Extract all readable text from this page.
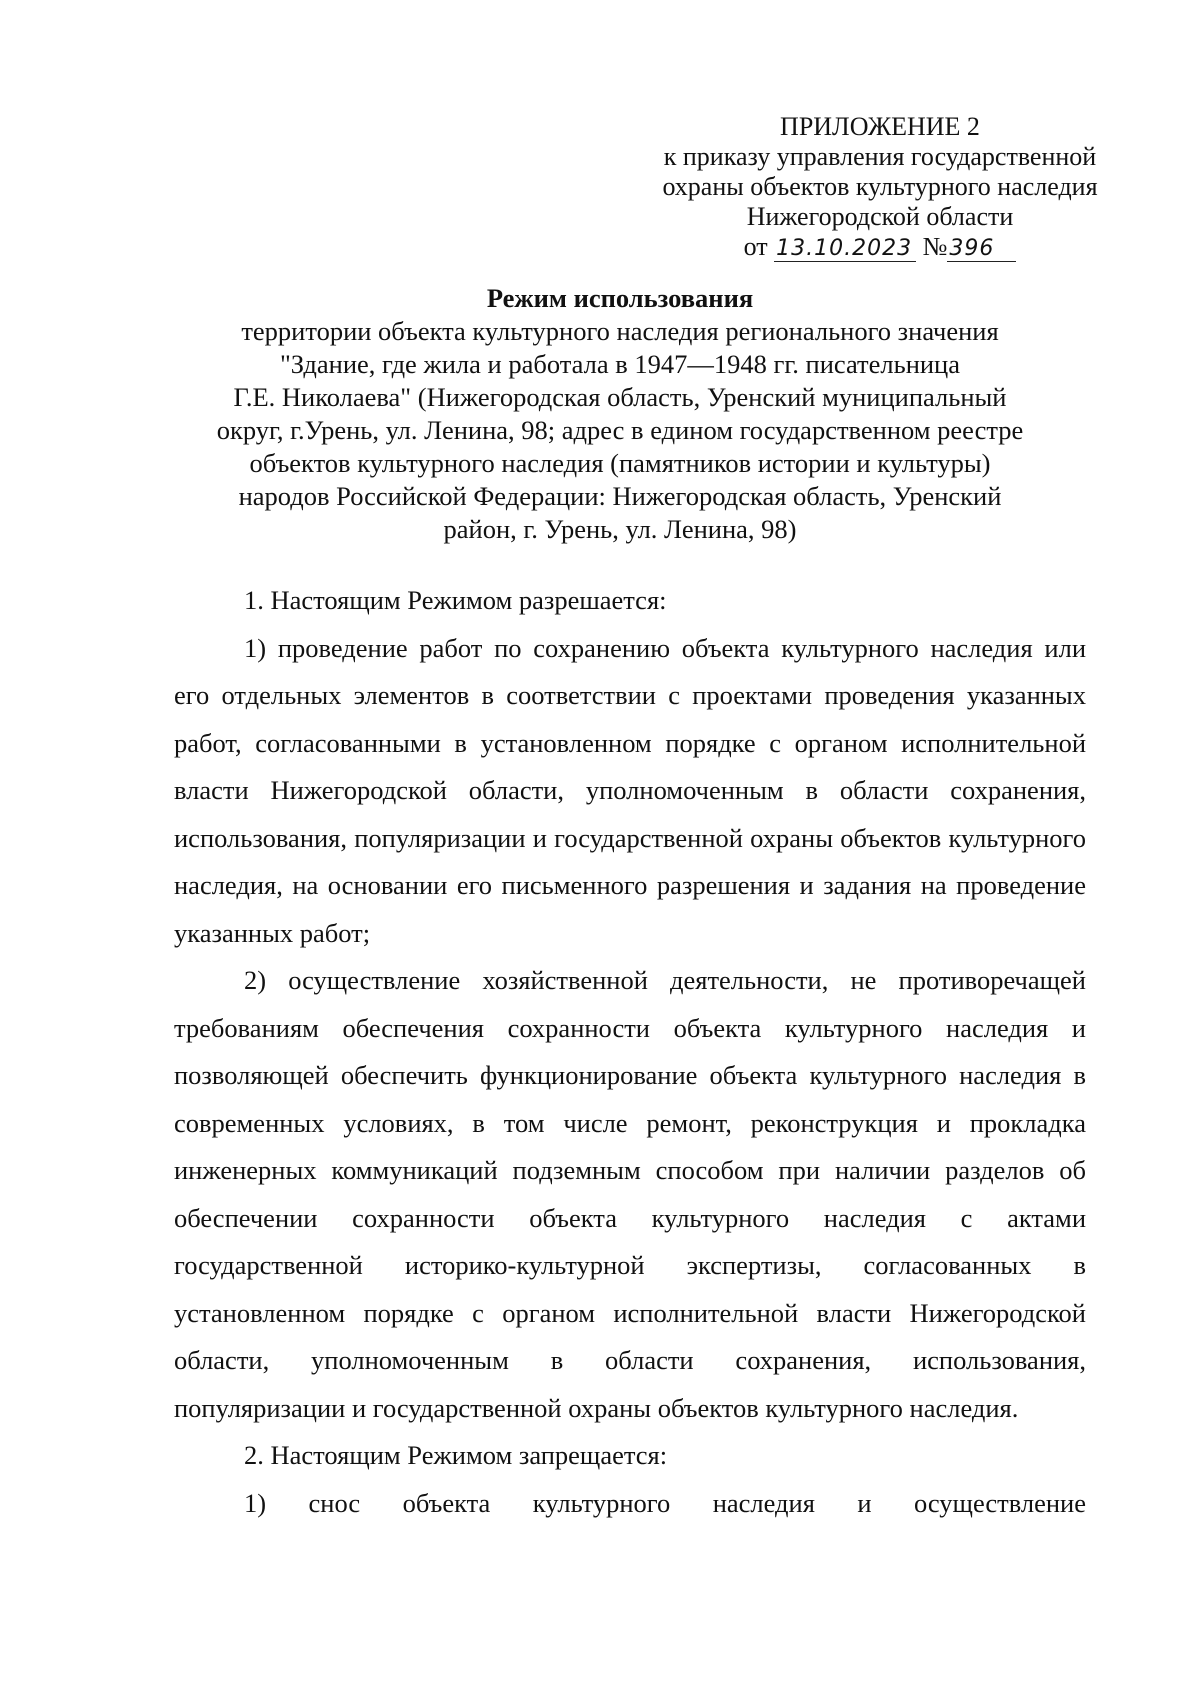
ПРИЛОЖЕНИЕ 2
к приказу управления государственной
охраны объектов культурного наследия
Нижегородской области
от 13.10.2023 №396
Режим использования
территории объекта культурного наследия регионального значения
"Здание, где жила и работала в 1947—1948 гг. писательница
Г.Е. Николаева" (Нижегородская область, Уренский муниципальный
округ, г.Урень, ул. Ленина, 98; адрес в едином государственном реестре
объектов культурного наследия (памятников истории и культуры)
народов Российской Федерации: Нижегородская область, Уренский
район, г. Урень, ул. Ленина, 98)

1. Настоящим Режимом разрешается:

1) проведение работ по сохранению объекта культурного наследия или его отдельных элементов в соответствии с проектами проведения указанных работ, согласованными в установленном порядке с органом исполнительной власти Нижегородской области, уполномоченным в области сохранения, использования, популяризации и государственной охраны объектов культурного наследия, на основании его письменного разрешения и задания на проведение указанных работ;

2) осуществление хозяйственной деятельности, не противоречащей требованиям обеспечения сохранности объекта культурного наследия и позволяющей обеспечить функционирование объекта культурного наследия в современных условиях, в том числе ремонт, реконструкция и прокладка инженерных коммуникаций подземным способом при наличии разделов об обеспечении сохранности объекта культурного наследия с актами государственной историко-культурной экспертизы, согласованных в установленном порядке с органом исполнительной власти Нижегородской области, уполномоченным в области сохранения, использования, популяризации и государственной охраны объектов культурного наследия.

2. Настоящим Режимом запрещается:

1) снос объекта культурного наследия и осуществление
